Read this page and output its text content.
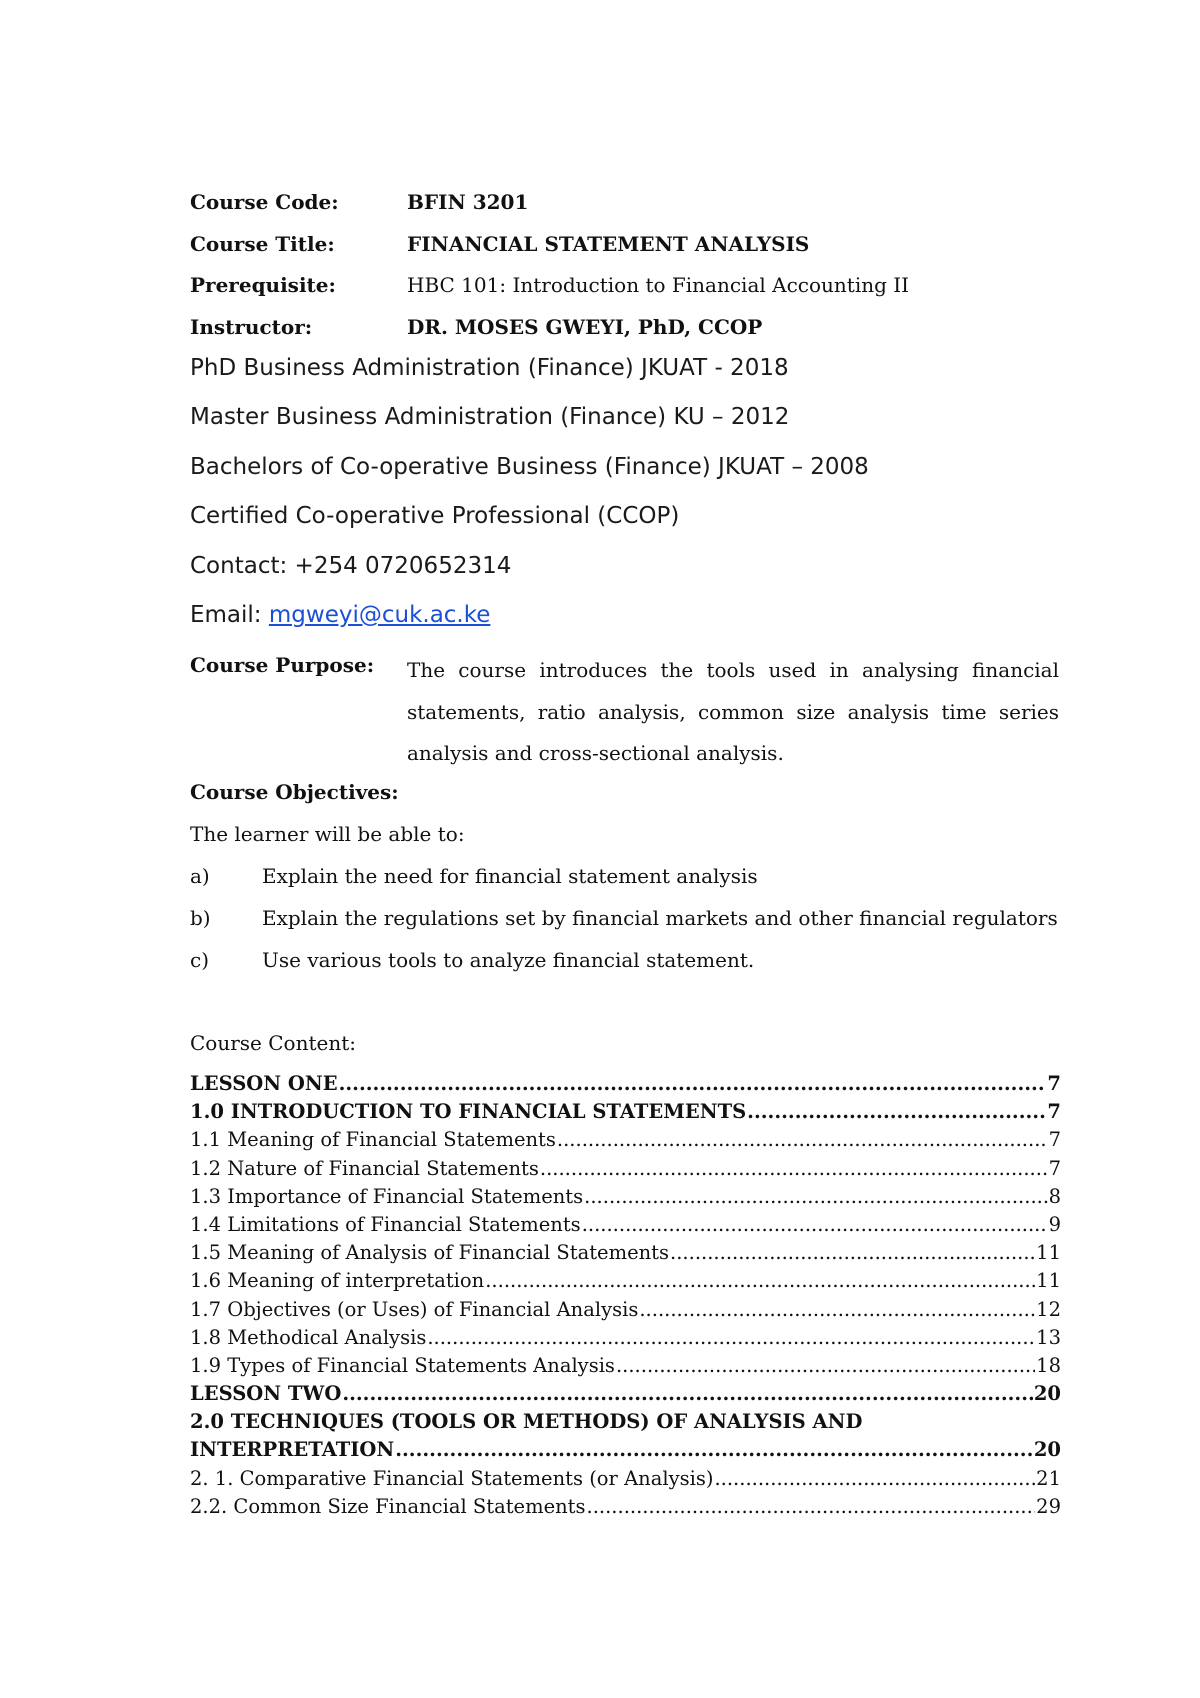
Course Code:	BFIN 3201
Course Title:	FINANCIAL STATEMENT ANALYSIS
Prerequisite:	HBC 101: Introduction to Financial Accounting II
Instructor:	DR. MOSES GWEYI, PhD, CCOP
PhD Business Administration (Finance) JKUAT - 2018
Master Business Administration (Finance) KU – 2012
Bachelors of Co-operative Business (Finance) JKUAT – 2008
Certified Co-operative Professional (CCOP)
Contact: +254 0720652314
Email: mgweyi@cuk.ac.ke
Course Purpose: The course introduces the tools used in analysing financial statements, ratio analysis, common size analysis time series analysis and cross-sectional analysis.
Course Objectives:
The learner will be able to:
a)	Explain the need for financial statement analysis
b)	Explain the regulations set by financial markets and other financial regulators
c)	Use various tools to analyze financial statement.
Course Content:
LESSON ONE .....	7
1.0 INTRODUCTION TO FINANCIAL STATEMENTS .....	7
1.1 Meaning of Financial Statements .....	7
1.2 Nature of Financial Statements .....	7
1.3 Importance of Financial Statements .....	8
1.4 Limitations of Financial Statements .....	9
1.5 Meaning of Analysis of Financial Statements .....	11
1.6 Meaning of interpretation .....	11
1.7 Objectives (or Uses) of Financial Analysis .....	12
1.8 Methodical Analysis .....	13
1.9 Types of Financial Statements Analysis .....	18
LESSON TWO .....	20
2.0 TECHNIQUES (TOOLS OR METHODS) OF ANALYSIS AND
INTERPRETATION .....	20
2. 1. Comparative Financial Statements (or Analysis) .....	21
2.2. Common Size Financial Statements .....	29
